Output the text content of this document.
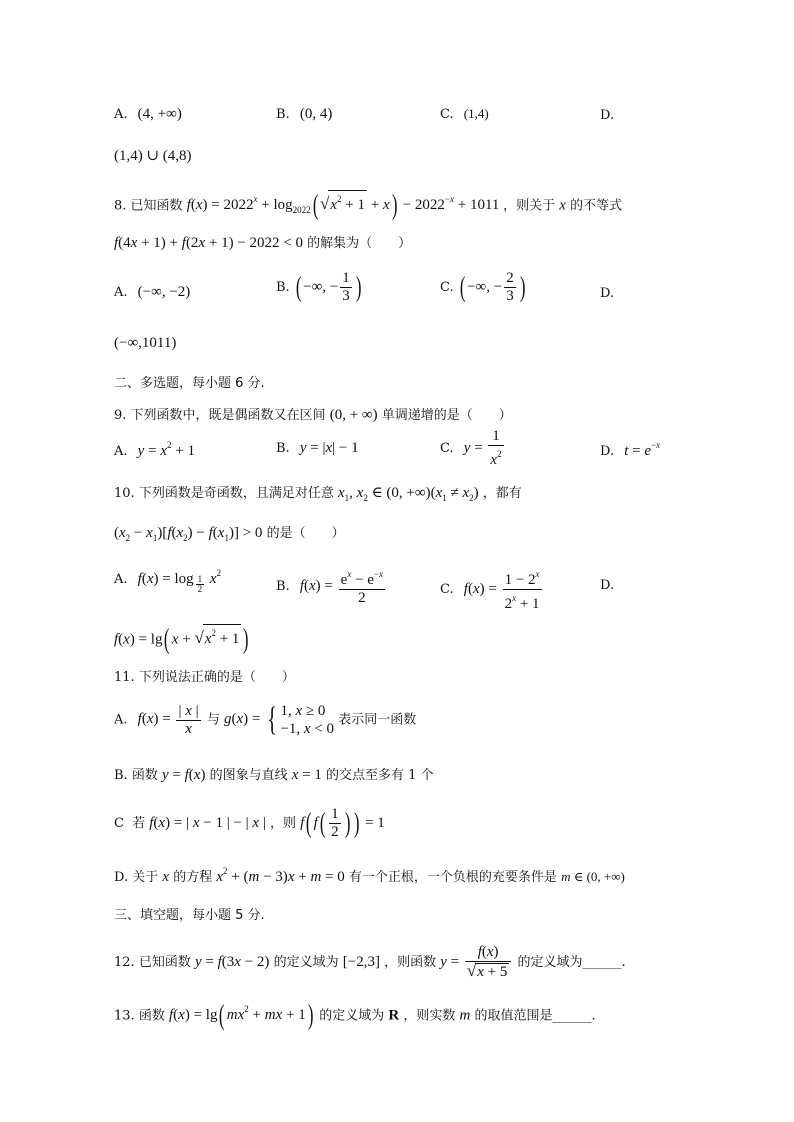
A. (4, +∞)	B. (0, 4)	C. (1,4)	D.
(1,4) ∪ (4,8)
8. 已知函数 $f(x) = 2022^x + \log_{2022}$( $√x^2 + 1 + x) - 2022^{-x} + 1011$ ，则关于 x 的不等式
f(4x + 1) + f(2x + 1) − 2022 < 0 的解集为（　　）
A. (−∞, −2)	B. ( −∞, − $\frac{1}{3}$ )	C. ( −∞, − $\frac{2}{3}$ )	D.
(−∞,1011)
二、多选题，每小题 6 分.
9. 下列函数中，既是偶函数又在区间 (0, + ∞) 单调递增的是（　　）
A. $y = x^2 + 1$	B. y = |x| − 1	C. $y = \frac{1}{x^2}$	D. $t = e^{-x}$
10. 下列函数是奇函数，且满足对任意 $x_1$, $x_2$ ∈ (0, $+\infty)(x_1 \ne x_2)$ ，都有
$(x_2 - x_1)[f(x_2) - f(x_1)] > 0$ 的是（　　）
A. f(x) = log $_{\frac{1}{2}}$ $x^2$
B. $f(x) = \frac{e^x - e^{-x}}{2}$	C. $f(x) = \frac{1 - 2^x}{2^x + 1}$	D.
f(x) = lg( $x + √x^2 + 1$ )
11. 下列说法正确的是（　　）
A. $f(x) = \frac{| x |}{x}$ 与 g(x) = { 1, x ≥ 0
−1, x < 0 表示同一函数
B. 函数 y = f(x) 的图象与直线 x = 1 的交点至多有 1 个
C 若 f(x) = | x − 1 | − | x | ，则 f( $f( \frac{1}{2}$ ) ) = 1
D. 关于 x 的方程 $x^2 + (m - 3)x + m = 0$ 有一个正根，一个负根的充要条件是 m ∈ (0, +∞)
三、填空题，每小题 5 分.
12. 已知函数 y = f(3x − 2) 的定义域为 [−2,3] ，则函数 $y = \frac{f(x)}{√x + 5}$ 的定义域为______.
13. 函数 f(x) = lg( $mx^2$ + mx + 1) 的定义域为 R ，则实数 m 的取值范围是______.
